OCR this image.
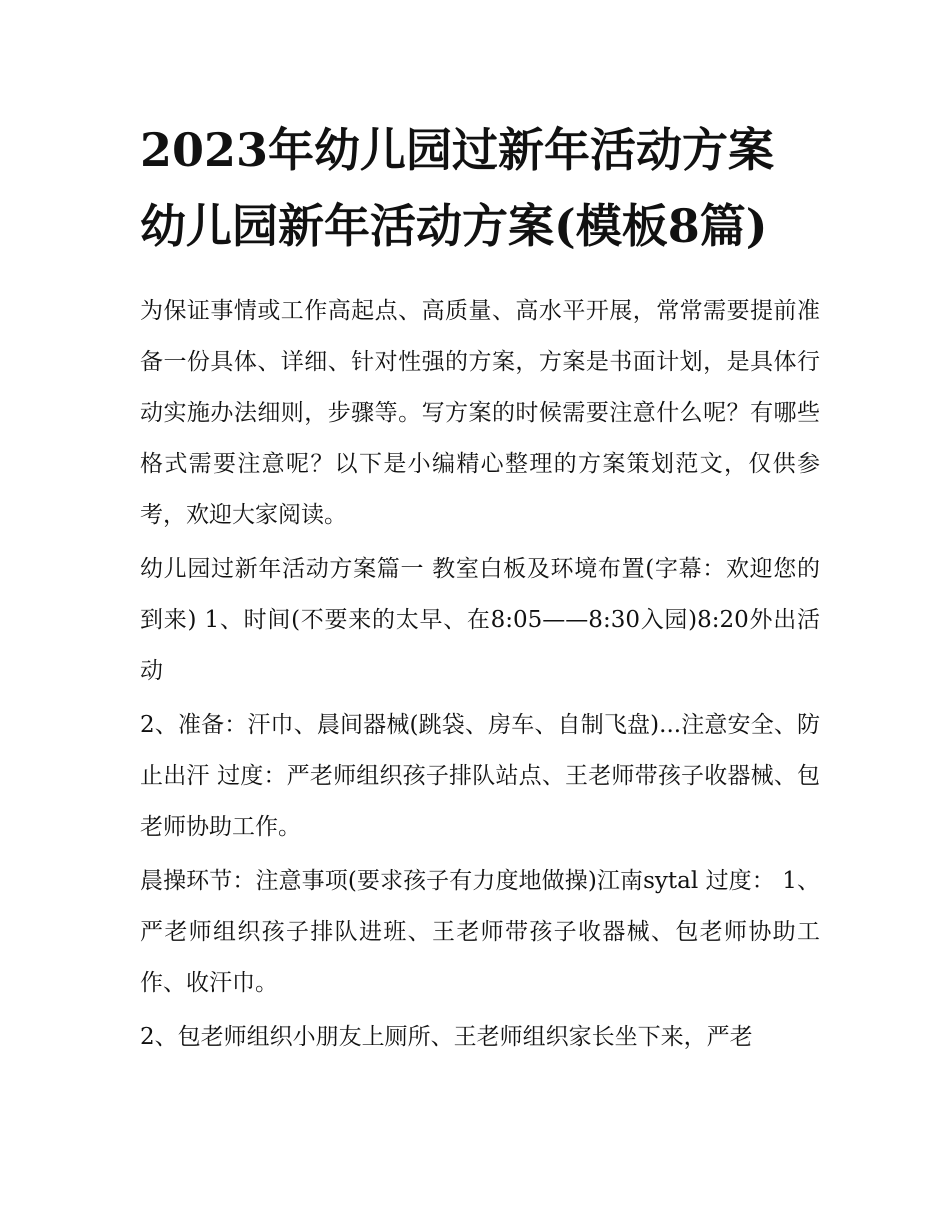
2023年幼儿园过新年活动方案 幼儿园新年活动方案(模板8篇)

为保证事情或工作高起点、高质量、高水平开展，常常需要提前准备一份具体、详细、针对性强的方案，方案是书面计划，是具体行动实施办法细则，步骤等。写方案的时候需要注意什么呢？有哪些格式需要注意呢？以下是小编精心整理的方案策划范文，仅供参考，欢迎大家阅读。

幼儿园过新年活动方案篇一 教室白板及环境布置(字幕：欢迎您的到来) 1、时间(不要来的太早、在8:05——8:30入园)8:20外出活动

2、准备：汗巾、晨间器械(跳袋、房车、自制飞盘)...注意安全、防止出汗 过度：严老师组织孩子排队站点、王老师带孩子收器械、包老师协助工作。

晨操环节：注意事项(要求孩子有力度地做操)江南sytal 过度： 1、严老师组织孩子排队进班、王老师带孩子收器械、包老师协助工作、收汗巾。

2、包老师组织小朋友上厕所、王老师组织家长坐下来，严老
